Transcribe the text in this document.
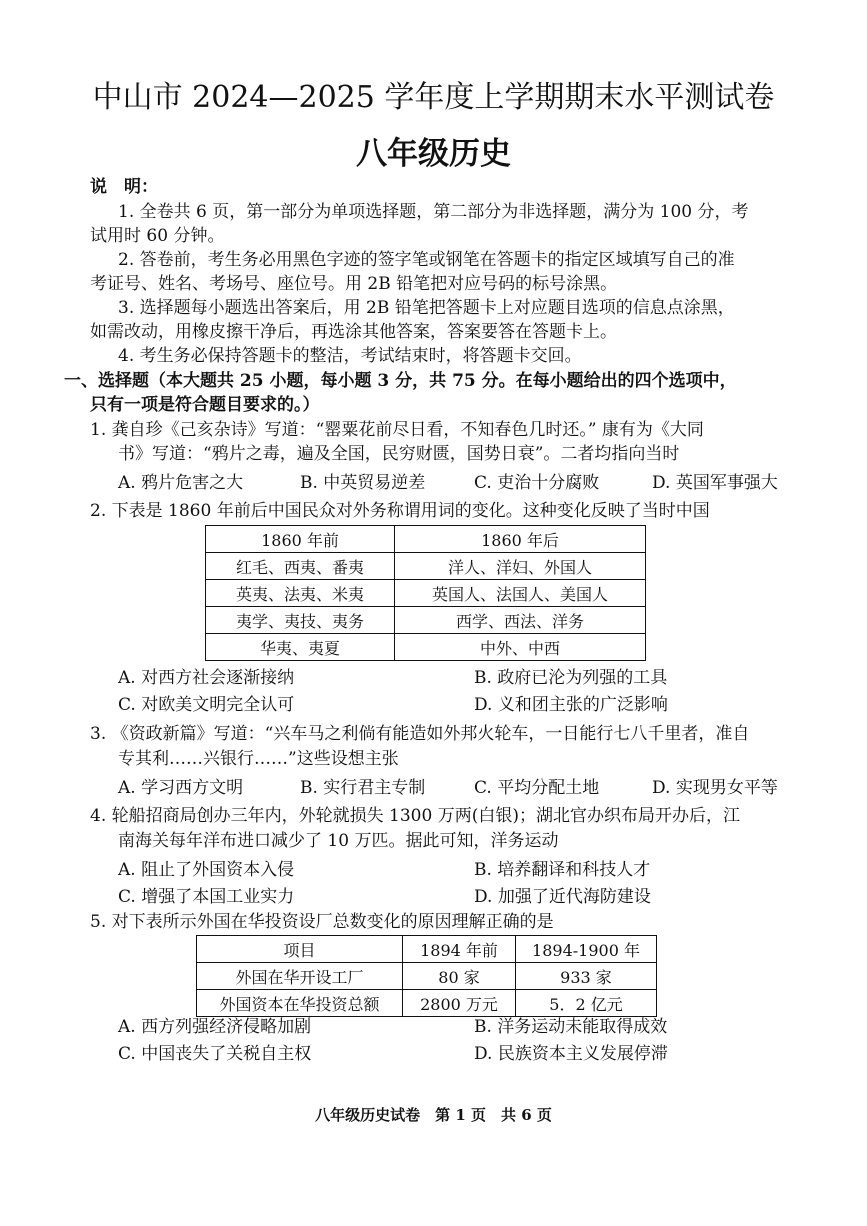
中山市 2024—2025 学年度上学期期末水平测试卷
八年级历史
说　明：
1. 全卷共 6 页，第一部分为单项选择题，第二部分为非选择题，满分为 100 分，考
试用时 60 分钟。
2. 答卷前，考生务必用黑色字迹的签字笔或钢笔在答题卡的指定区域填写自己的准
考证号、姓名、考场号、座位号。用 2B 铅笔把对应号码的标号涂黑。
3. 选择题每小题选出答案后，用 2B 铅笔把答题卡上对应题目选项的信息点涂黑，
如需改动，用橡皮擦干净后，再选涂其他答案，答案要答在答题卡上。
4. 考生务必保持答题卡的整洁，考试结束时，将答题卡交回。
一、选择题（本大题共 25 小题，每小题 3 分，共 75 分。在每小题给出的四个选项中，
只有一项是符合题目要求的。）
1. 龚自珍《己亥杂诗》写道：“罂粟花前尽日看，不知春色几时还。” 康有为《大同
书》写道：“鸦片之毒，遍及全国，民穷财匮，国势日衰”。二者均指向当时
A. 鸦片危害之大	B. 中英贸易逆差	C. 吏治十分腐败	D. 英国军事强大
2. 下表是 1860 年前后中国民众对外务称谓用词的变化。这种变化反映了当时中国
1860 年前	1860 年后
红毛、西夷、番夷	洋人、洋妇、外国人
英夷、法夷、米夷	英国人、法国人、美国人
夷学、夷技、夷务	西学、西法、洋务
华夷、夷夏	中外、中西
A. 对西方社会逐渐接纳	B. 政府已沦为列强的工具
C. 对欧美文明完全认可	D. 义和团主张的广泛影响
3. 《资政新篇》写道：“兴车马之利倘有能造如外邦火轮车，一日能行七八千里者，准自
专其利……兴银行……”这些设想主张
A. 学习西方文明	B. 实行君主专制	C. 平均分配土地	D. 实现男女平等
4. 轮船招商局创办三年内，外轮就损失 1300 万两(白银)；湖北官办织布局开办后，江
南海关每年洋布进口减少了 10 万匹。据此可知，洋务运动
A. 阻止了外国资本入侵	B. 培养翻译和科技人才
C. 增强了本国工业实力	D. 加强了近代海防建设
5. 对下表所示外国在华投资设厂总数变化的原因理解正确的是
项目	1894 年前	1894-1900 年
外国在华开设工厂	80 家	933 家
外国资本在华投资总额	2800 万元	5．2 亿元
A. 西方列强经济侵略加剧	B. 洋务运动未能取得成效
C. 中国丧失了关税自主权	D. 民族资本主义发展停滞
八年级历史试卷　第 1 页　共 6 页
